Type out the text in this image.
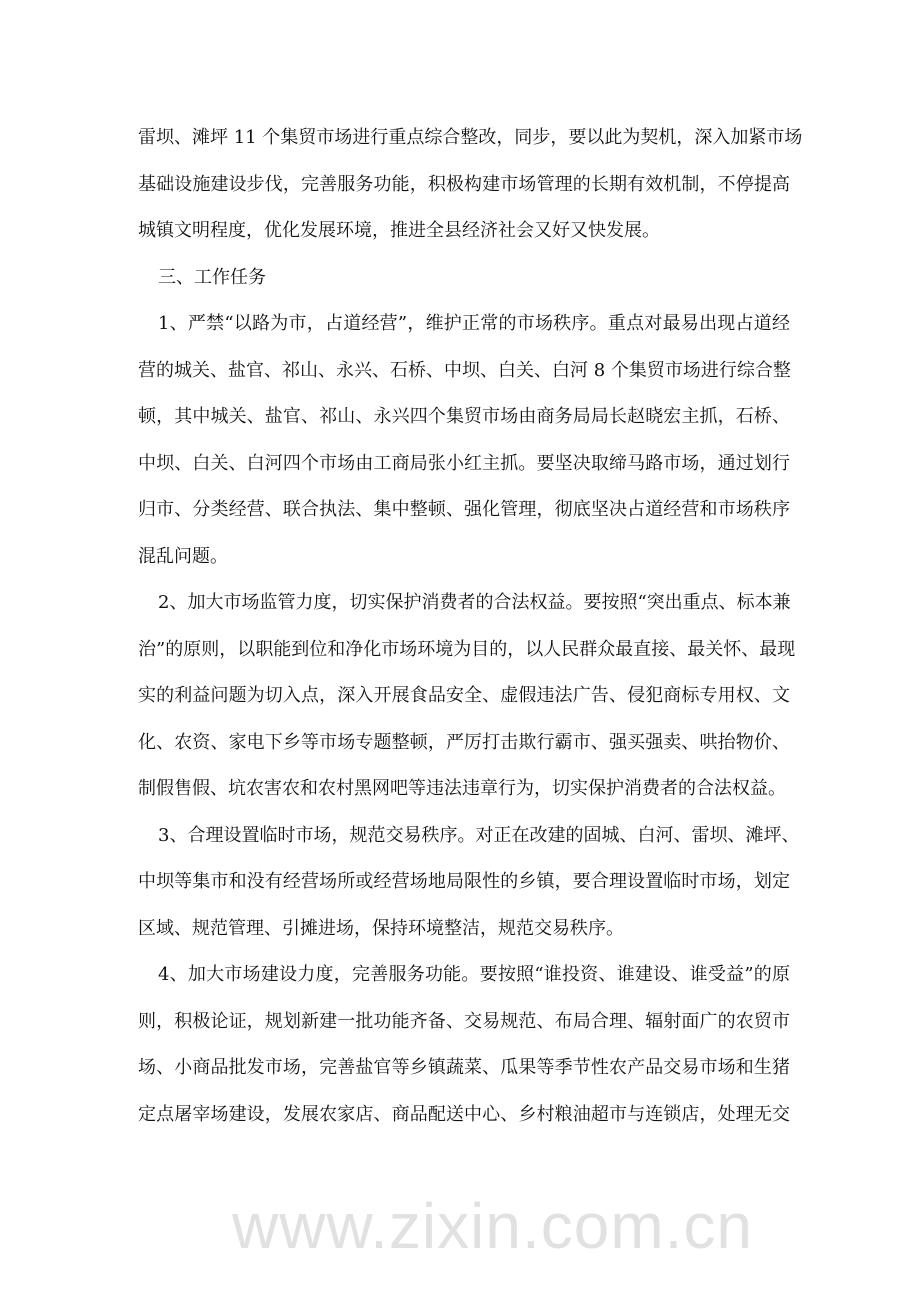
雷坝、滩坪 11 个集贸市场进行重点综合整改，同步，要以此为契机，深入加紧市场
基础设施建设步伐，完善服务功能，积极构建市场管理的长期有效机制，不停提高
城镇文明程度，优化发展环境，推进全县经济社会又好又快发展。
三、工作任务
1、严禁“以路为市，占道经营”，维护正常的市场秩序。重点对最易出现占道经
营的城关、盐官、祁山、永兴、石桥、中坝、白关、白河 8 个集贸市场进行综合整
顿，其中城关、盐官、祁山、永兴四个集贸市场由商务局局长赵晓宏主抓，石桥、
中坝、白关、白河四个市场由工商局张小红主抓。要坚决取缔马路市场，通过划行
归市、分类经营、联合执法、集中整顿、强化管理，彻底坚决占道经营和市场秩序
混乱问题。
2、加大市场监管力度，切实保护消费者的合法权益。要按照“突出重点、标本兼
治”的原则，以职能到位和净化市场环境为目的，以人民群众最直接、最关怀、最现
实的利益问题为切入点，深入开展食品安全、虚假违法广告、侵犯商标专用权、文
化、农资、家电下乡等市场专题整顿，严厉打击欺行霸市、强买强卖、哄抬物价、
制假售假、坑农害农和农村黑网吧等违法违章行为，切实保护消费者的合法权益。
3、合理设置临时市场，规范交易秩序。对正在改建的固城、白河、雷坝、滩坪、
中坝等集市和没有经营场所或经营场地局限性的乡镇，要合理设置临时市场，划定
区域、规范管理、引摊进场，保持环境整洁，规范交易秩序。
4、加大市场建设力度，完善服务功能。要按照“谁投资、谁建设、谁受益”的原
则，积极论证，规划新建一批功能齐备、交易规范、布局合理、辐射面广的农贸市
场、小商品批发市场，完善盐官等乡镇蔬菜、瓜果等季节性农产品交易市场和生猪
定点屠宰场建设，发展农家店、商品配送中心、乡村粮油超市与连锁店，处理无交
www.zixin.com.cn
